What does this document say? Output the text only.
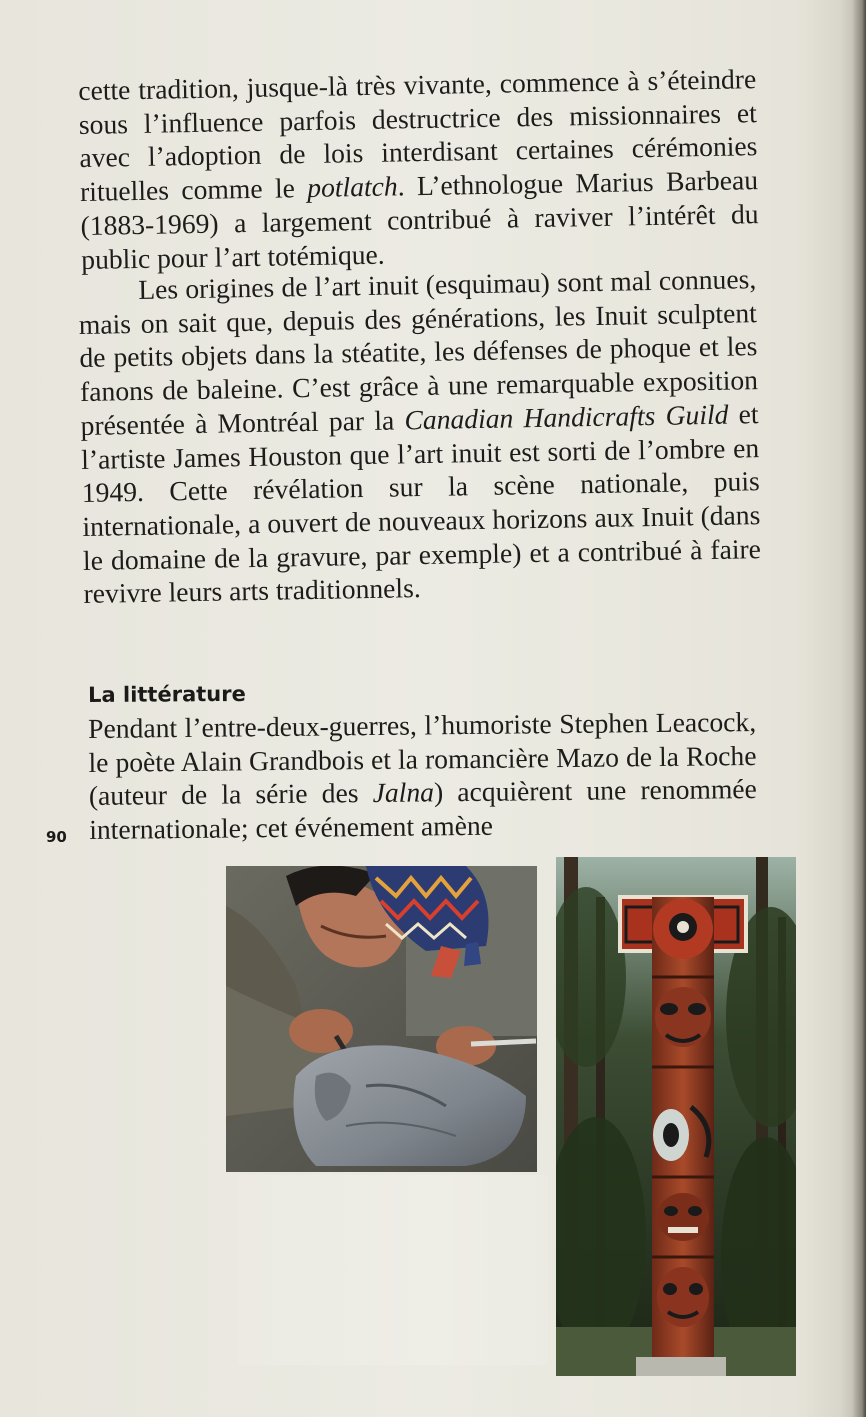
cette tradition, jusque-là très vivante, commence à s’éteindre sous l’influence parfois destructrice des missionnaires et avec l’adoption de lois interdisant certaines cérémonies rituelles comme le potlatch. L’ethnologue Marius Barbeau (1883-1969) a largement contribué à raviver l’intérêt du public pour l’art totémique.

Les origines de l’art inuit (esquimau) sont mal connues, mais on sait que, depuis des générations, les Inuit sculptent de petits objets dans la stéatite, les défenses de phoque et les fanons de baleine. C’est grâce à une remarquable exposition présentée à Montréal par la Canadian Handicrafts Guild et l’artiste James Houston que l’art inuit est sorti de l’ombre en 1949. Cette révélation sur la scène nationale, puis internationale, a ouvert de nouveaux horizons aux Inuit (dans le domaine de la gravure, par exemple) et a contribué à faire revivre leurs arts traditionnels.

La littérature

Pendant l’entre-deux-guerres, l’humoriste Stephen Leacock, le poète Alain Grandbois et la romancière Mazo de la Roche (auteur de la série des Jalna) acquièrent une renommée internationale; cet événement amène

90
